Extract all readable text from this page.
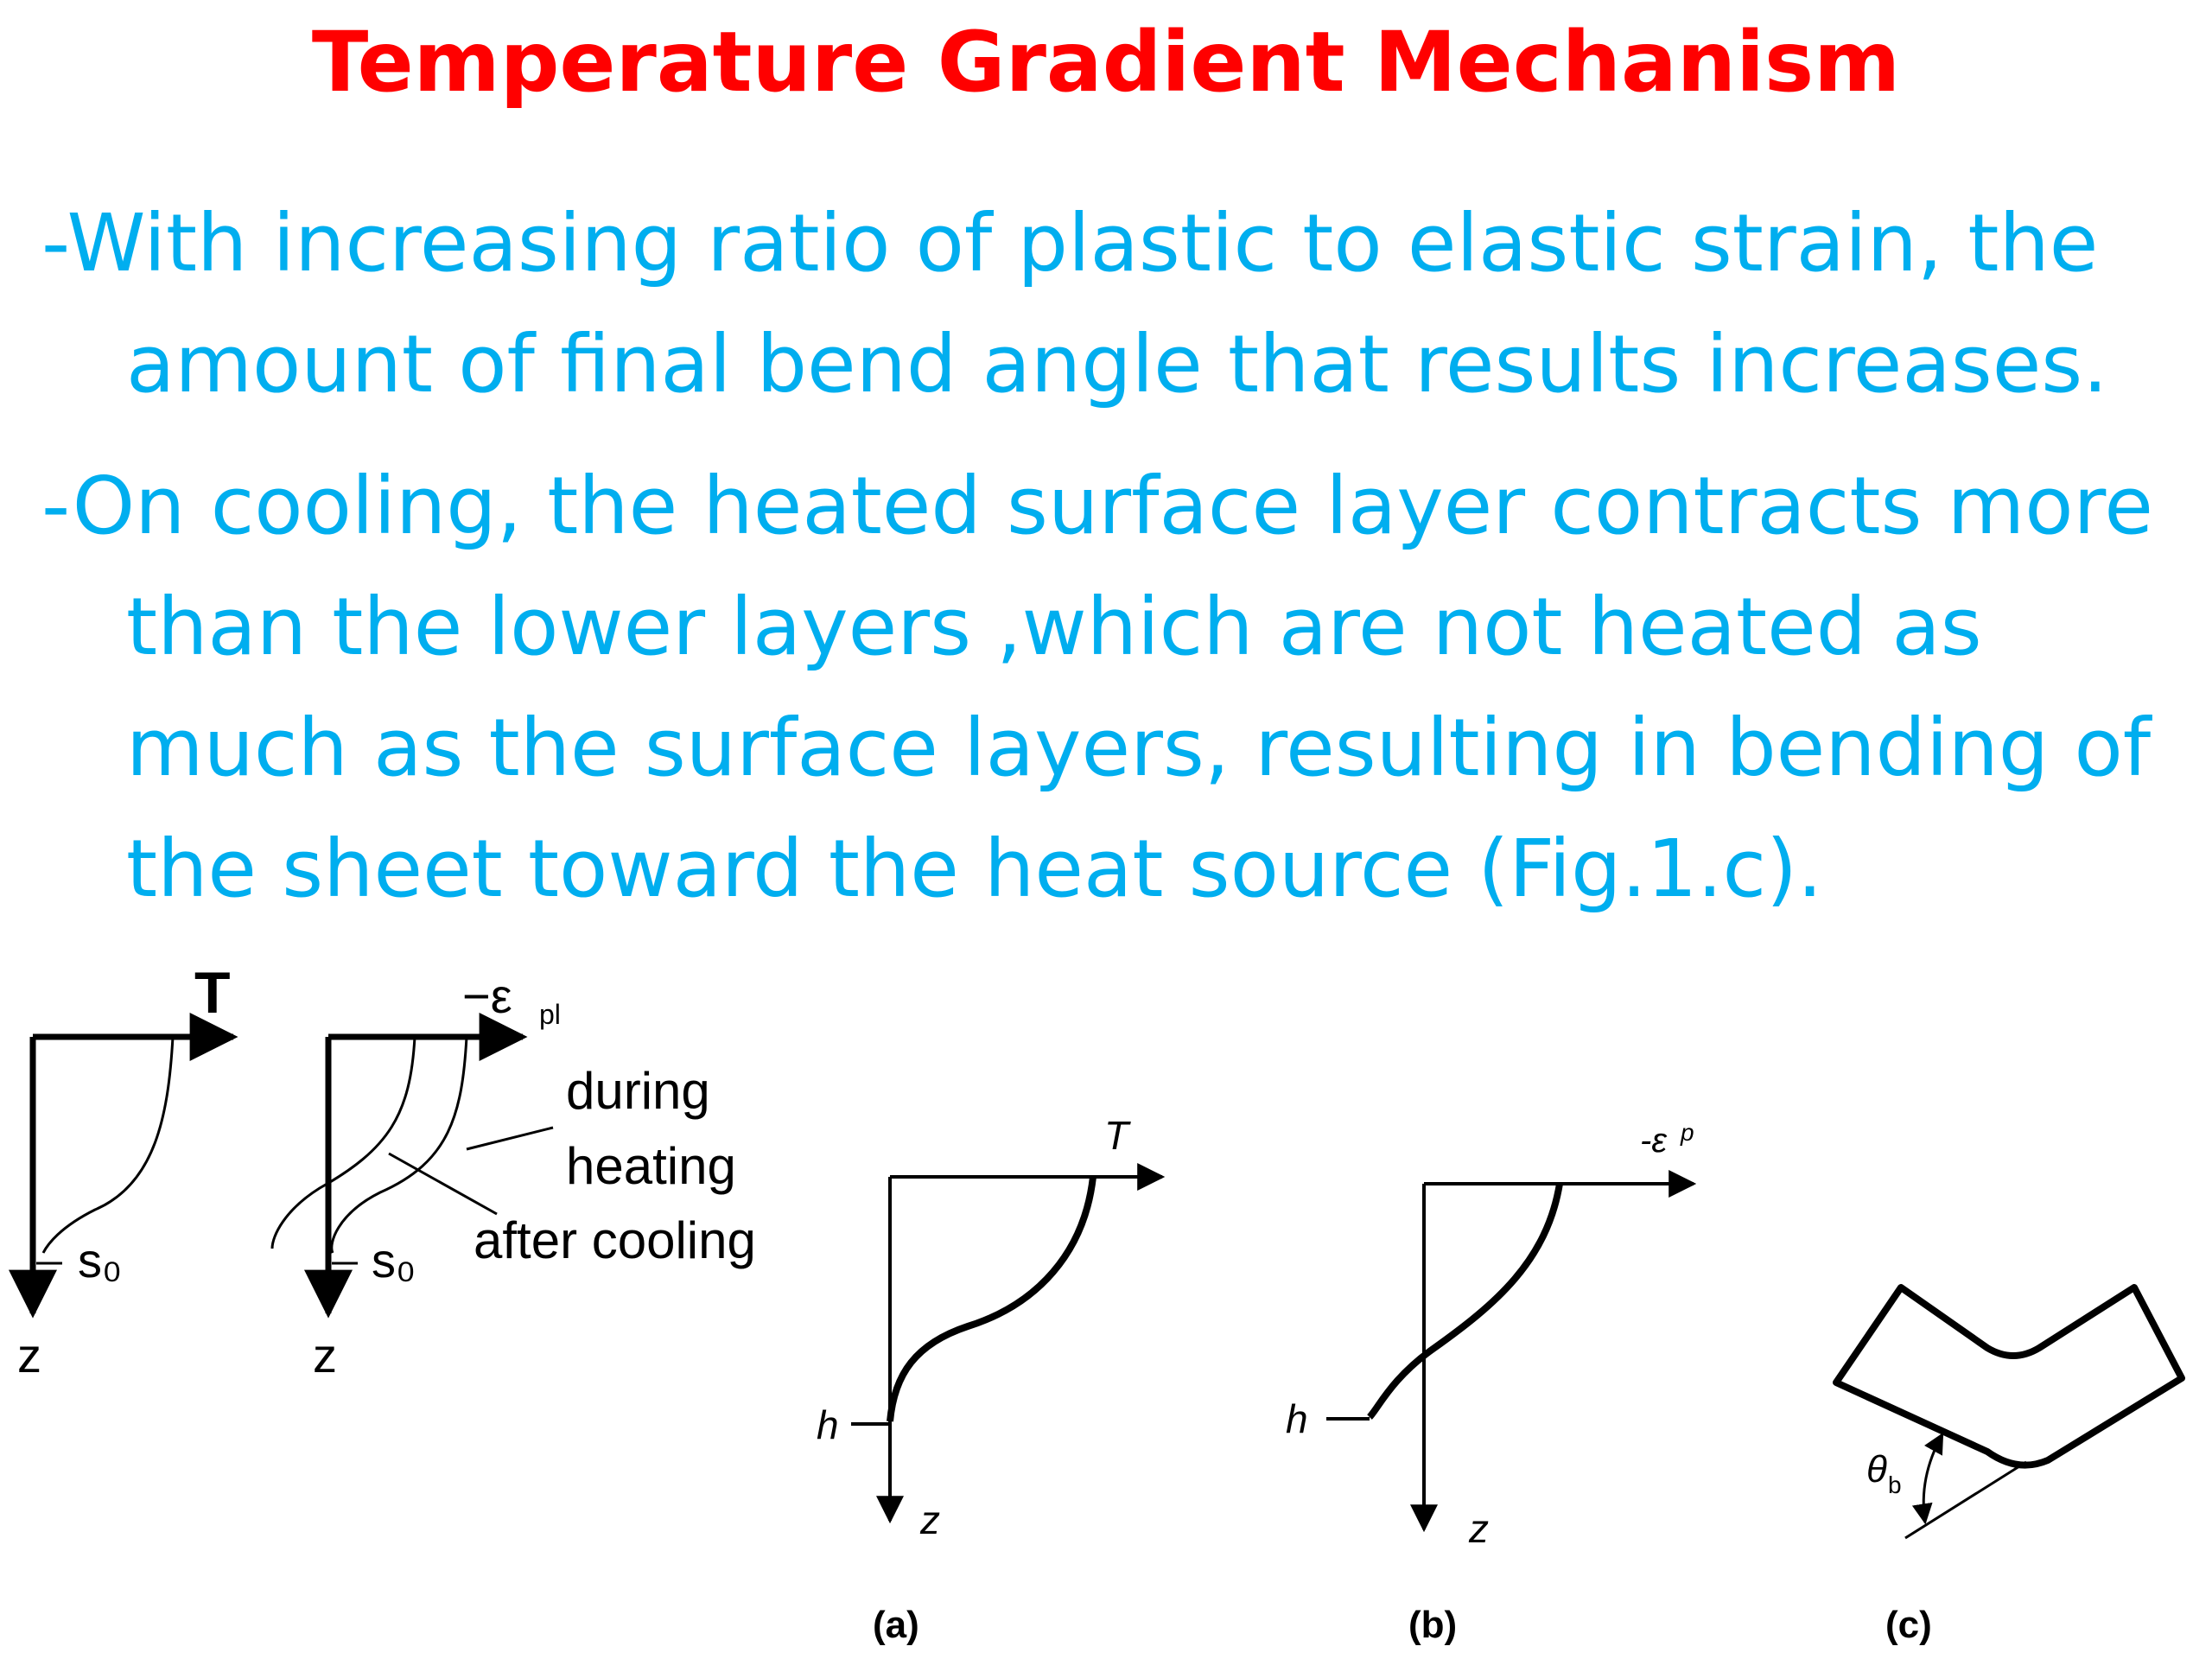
Temperature Gradient Mechanism
-With increasing ratio of plastic to elastic strain, the
amount of final bend angle that results increases.
-On cooling, the heated surface layer contracts more
than the lower layers ,which are not heated as
much as the surface layers, resulting in bending of
the sheet toward the heat source (Fig.1.c).
T
z
s₀
−ε pl
z
s₀
during
heating
after cooling
T
z
h
(a)
-ε p
z
h
(b)
θ b
(c)
